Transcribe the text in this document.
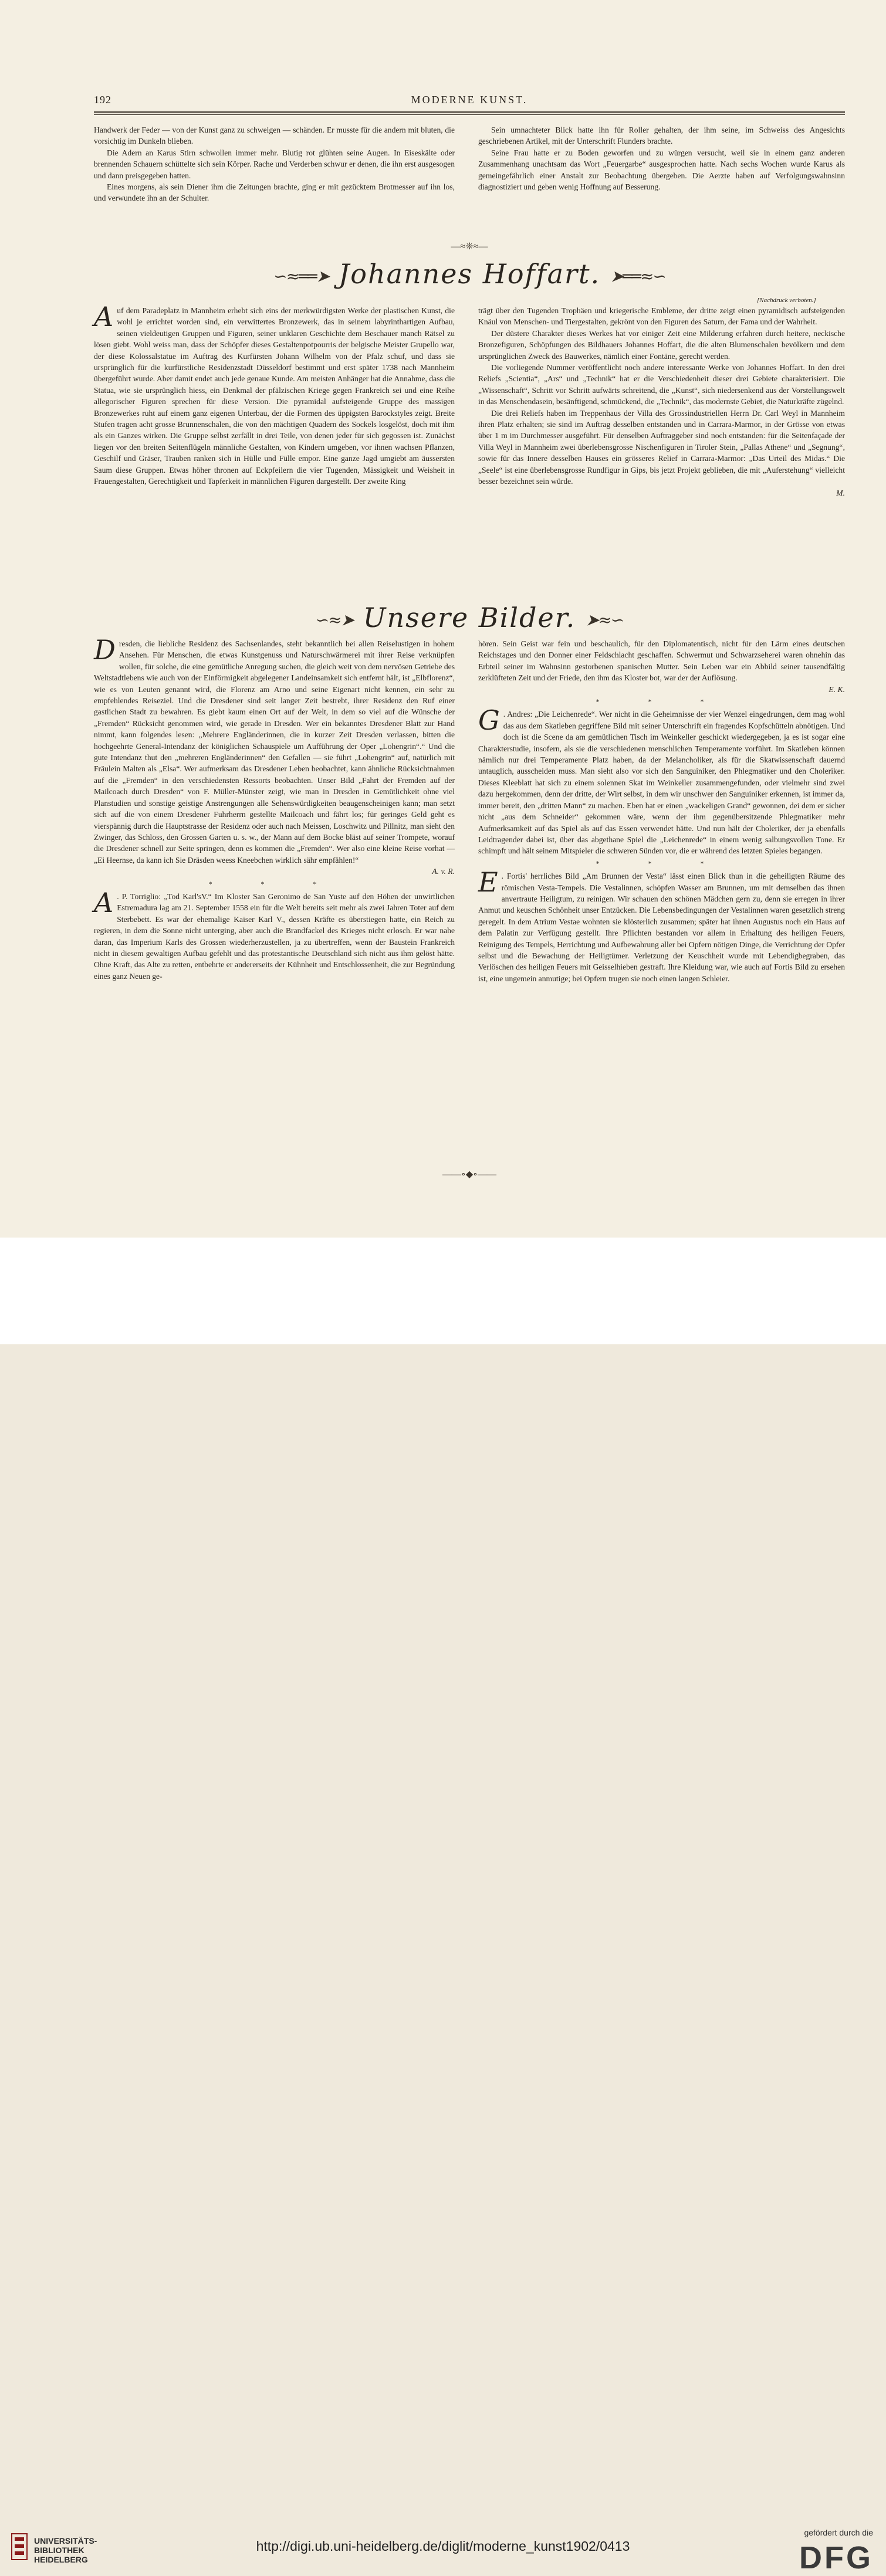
192	MODERNE KUNST.

Handwerk der Feder — von der Kunst ganz zu schweigen — schänden. Er musste für die andern mit bluten, die vorsichtig im Dunkeln blieben.

Die Adern an Karus Stirn schwollen immer mehr. Blutig rot glühten seine Augen. In Eiseskälte oder brennenden Schauern schüttelte sich sein Körper. Rache und Verderben schwur er denen, die ihn erst ausgesogen und dann preisgegeben hatten.

Eines morgens, als sein Diener ihm die Zeitungen brachte, ging er mit gezücktem Brotmesser auf ihn los, und verwundete ihn an der Schulter.

Sein umnachteter Blick hatte ihn für Roller gehalten, der ihm seine, im Schweiss des Angesichts geschriebenen Artikel, mit der Unterschrift Flunders brachte.

Seine Frau hatte er zu Boden geworfen und zu würgen versucht, weil sie in einem ganz anderen Zusammenhang unachtsam das Wort „Feuergarbe“ ausgesprochen hatte. Nach sechs Wochen wurde Karus als gemeingefährlich einer Anstalt zur Beobachtung übergeben. Die Aerzte haben auf Verfolgungswahnsinn diagnostiziert und geben wenig Hoffnung auf Besserung.

—≈❈≈—
∽≈══➤ Johannes Hoffart. ➤══≈∽
[Nachdruck verboten.]

Auf dem Paradeplatz in Mannheim erhebt sich eins der merkwürdigsten Werke der plastischen Kunst, die wohl je errichtet worden sind, ein verwittertes Bronzewerk, das in seinem labyrinthartigen Aufbau, seinen vieldeutigen Gruppen und Figuren, seiner unklaren Geschichte dem Beschauer manch Rätsel zu lösen giebt. Wohl weiss man, dass der Schöpfer dieses Gestaltenpotpourris der belgische Meister Grupello war, der diese Kolossalstatue im Auftrag des Kurfürsten Johann Wilhelm von der Pfalz schuf, und dass sie ursprünglich für die kurfürstliche Residenzstadt Düsseldorf bestimmt und erst später 1738 nach Mannheim übergeführt wurde. Aber damit endet auch jede genaue Kunde. Am meisten Anhänger hat die Annahme, dass die Statua, wie sie ursprünglich hiess, ein Denkmal der pfälzischen Kriege gegen Frankreich sei und eine Reihe allegorischer Figuren sprechen für diese Version. Die pyramidal aufsteigende Gruppe des massigen Bronzewerkes ruht auf einem ganz eigenen Unterbau, der die Formen des üppigsten Barockstyles zeigt. Breite Stufen tragen acht grosse Brunnenschalen, die von den mächtigen Quadern des Sockels losgelöst, doch mit ihm als ein Ganzes wirken. Die Gruppe selbst zerfällt in drei Teile, von denen jeder für sich gegossen ist. Zunächst liegen vor den breiten Seitenflügeln männliche Gestalten, von Kindern umgeben, vor ihnen wachsen Pflanzen, Geschilf und Gräser, Trauben ranken sich in Hülle und Fülle empor. Eine ganze Jagd umgiebt am äussersten Saum diese Gruppen. Etwas höher thronen auf Eckpfeilern die vier Tugenden, Mässigkeit und Weisheit in Frauengestalten, Gerechtigkeit und Tapferkeit in männlichen Figuren dargestellt. Der zweite Ring

trägt über den Tugenden Trophäen und kriegerische Embleme, der dritte zeigt einen pyramidisch aufsteigenden Knäul von Menschen- und Tiergestalten, gekrönt von den Figuren des Saturn, der Fama und der Wahrheit.

Der düstere Charakter dieses Werkes hat vor einiger Zeit eine Milderung erfahren durch heitere, neckische Bronzefiguren, Schöpfungen des Bildhauers Johannes Hoffart, die die alten Blumenschalen bevölkern und dem ursprünglichen Zweck des Bauwerkes, nämlich einer Fontäne, gerecht werden.

Die vorliegende Nummer veröffentlicht noch andere interessante Werke von Johannes Hoffart. In den drei Reliefs „Scientia“, „Ars“ und „Technik“ hat er die Verschiedenheit dieser drei Gebiete charakterisiert. Die „Wissenschaft“, Schritt vor Schritt aufwärts schreitend, die „Kunst“, sich niedersenkend aus der Vorstellungswelt in das Menschendasein, besänftigend, schmückend, die „Technik“, das modernste Gebiet, die Naturkräfte zügelnd.

Die drei Reliefs haben im Treppenhaus der Villa des Grossindustriellen Herrn Dr. Carl Weyl in Mannheim ihren Platz erhalten; sie sind im Auftrag desselben entstanden und in Carrara-Marmor, in der Grösse von etwas über 1 m im Durchmesser ausgeführt. Für denselben Auftraggeber sind noch entstanden: für die Seitenfaçade der Villa Weyl in Mannheim zwei überlebensgrosse Nischenfiguren in Tiroler Stein, „Pallas Athene“ und „Segnung“, sowie für das Innere desselben Hauses ein grösseres Relief in Carrara-Marmor: „Das Urteil des Midas.“ Die „Seele“ ist eine überlebensgrosse Rundfigur in Gips, bis jetzt Projekt geblieben, die mit „Auferstehung“ vielleicht besser bezeichnet sein würde.

M.
∽≈➤ Unsere Bilder. ➤≈∽

Dresden, die liebliche Residenz des Sachsenlandes, steht bekanntlich bei allen Reiselustigen in hohem Ansehen. Für Menschen, die etwas Kunstgenuss und Naturschwärmerei mit ihrer Reise verknüpfen wollen, für solche, die eine gemütliche Anregung suchen, die gleich weit von dem nervösen Getriebe des Weltstadtlebens wie auch von der Einförmigkeit abgelegener Landeinsamkeit sich entfernt hält, ist „Elbflorenz“, wie es von Leuten genannt wird, die Florenz am Arno und seine Eigenart nicht kennen, ein sehr zu empfehlendes Reiseziel. Und die Dresdener sind seit langer Zeit bestrebt, ihrer Residenz den Ruf einer gastlichen Stadt zu bewahren. Es giebt kaum einen Ort auf der Welt, in dem so viel auf die Wünsche der „Fremden“ Rücksicht genommen wird, wie gerade in Dresden. Wer ein bekanntes Dresdener Blatt zur Hand nimmt, kann folgendes lesen: „Mehrere Engländerinnen, die in kurzer Zeit Dresden verlassen, bitten die hochgeehrte General-Intendanz der königlichen Schauspiele um Aufführung der Oper „Lohengrin“.“ Und die gute Intendanz thut den „mehreren Engländerinnen“ den Gefallen — sie führt „Lohengrin“ auf, natürlich mit Fräulein Malten als „Elsa“. Wer aufmerksam das Dresdener Leben beobachtet, kann ähnliche Rücksichtnahmen auf die „Fremden“ in den verschiedensten Ressorts beobachten. Unser Bild „Fahrt der Fremden auf der Mailcoach durch Dresden“ von F. Müller-Münster zeigt, wie man in Dresden in Gemütlichkeit ohne viel Planstudien und sonstige geistige Anstrengungen alle Sehenswürdigkeiten beaugenscheinigen kann; man setzt sich auf die von einem Dresdener Fuhrherrn gestellte Mailcoach und fährt los; für geringes Geld geht es vierspännig durch die Hauptstrasse der Residenz oder auch nach Meissen, Loschwitz und Pillnitz, man sieht den Zwinger, das Schloss, den Grossen Garten u. s. w., der Mann auf dem Bocke bläst auf seiner Trompete, worauf die Dresdener schnell zur Seite springen, denn es kommen die „Fremden“. Wer also eine kleine Reise vorhat — „Ei Heernse, da kann ich Sie Dräsden weess Kneebchen wirklich sähr empfählen!“

A. v. R.
* * *

A . P. Torriglio: „Tod Karl'sV.“ Im Kloster San Geronimo de San Yuste auf den Höhen der unwirtlichen Estremadura lag am 21. September 1558 ein für die Welt bereits seit mehr als zwei Jahren Toter auf dem Sterbebett. Es war der ehemalige Kaiser Karl V., dessen Kräfte es überstiegen hatte, ein Reich zu regieren, in dem die Sonne nicht unterging, aber auch die Brandfackel des Krieges nicht erlosch. Er war nahe daran, das Imperium Karls des Grossen wiederherzustellen, ja zu übertreffen, wenn der Baustein Frankreich nicht in diesem gewaltigen Aufbau gefehlt und das protestantische Deutschland sich nicht aus ihm gelöst hätte. Ohne Kraft, das Alte zu retten, entbehrte er andererseits der Kühnheit und Entschlossenheit, die zur Begründung eines ganz Neuen ge-

hören. Sein Geist war fein und beschaulich, für den Diplomatentisch, nicht für den Lärm eines deutschen Reichstages und den Donner einer Feldschlacht geschaffen. Schwermut und Schwarzseherei waren ohnehin das Erbteil seiner im Wahnsinn gestorbenen spanischen Mutter. Sein Leben war ein Abbild seiner tausendfältig zerklüfteten Zeit und der Friede, den ihm das Kloster bot, war der der Auflösung.

E. K.
* * *

G . Andres: „Die Leichenrede“. Wer nicht in die Geheimnisse der vier Wenzel eingedrungen, dem mag wohl das aus dem Skatleben gegriffene Bild mit seiner Unterschrift ein fragendes Kopfschütteln abnötigen. Und doch ist die Scene da am gemütlichen Tisch im Weinkeller geschickt wiedergegeben, ja es ist sogar eine Charakterstudie, insofern, als sie die verschiedenen menschlichen Temperamente vorführt. Im Skatleben können nämlich nur drei Temperamente Platz haben, da der Melancholiker, als für die Skatwissenschaft dauernd untauglich, ausscheiden muss. Man sieht also vor sich den Sanguiniker, den Phlegmatiker und den Choleriker. Dieses Kleeblatt hat sich zu einem solennen Skat im Weinkeller zusammengefunden, oder vielmehr sind zwei dazu hergekommen, denn der dritte, der Wirt selbst, in dem wir unschwer den Sanguiniker erkennen, ist immer da, immer bereit, den „dritten Mann“ zu machen. Eben hat er einen „wackeligen Grand“ gewonnen, dei dem er sicher nicht „aus dem Schneider“ gekommen wäre, wenn der ihm gegenübersitzende Phlegmatiker mehr Aufmerksamkeit auf das Spiel als auf das Essen verwendet hätte. Und nun hält der Choleriker, der ja ebenfalls Leidtragender dabei ist, über das abgethane Spiel die „Leichenrede“ in einem wenig salbungsvollen Tone. Er schimpft und hält seinem Mitspieler die schweren Sünden vor, die er während des letzten Spieles begangen.

* * *

E . Fortis' herrliches Bild „Am Brunnen der Vesta“ lässt einen Blick thun in die geheiligten Räume des römischen Vesta-Tempels. Die Vestalinnen, schöpfen Wasser am Brunnen, um mit demselben das ihnen anvertraute Heiligtum, zu reinigen. Wir schauen den schönen Mädchen gern zu, denn sie erregen in ihrer Anmut und keuschen Schönheit unser Entzücken. Die Lebensbedingungen der Vestalinnen waren gesetzlich streng geregelt. In dem Atrium Vestae wohnten sie klösterlich zusammen; später hat ihnen Augustus noch ein Haus auf dem Palatin zur Verfügung gestellt. Ihre Pflichten bestanden vor allem in Erhaltung des heiligen Feuers, Reinigung des Tempels, Herrichtung und Aufbewahrung aller bei Opfern nötigen Dinge, die Verrichtung der Opfer selbst und die Bewachung der Heiligtümer. Verletzung der Keuschheit wurde mit Lebendigbegraben, das Verlöschen des heiligen Feuers mit Geisselhieben gestraft. Ihre Kleidung war, wie auch auf Fortis Bild zu ersehen ist, eine ungemein anmutige; bei Opfern trugen sie noch einen langen Schleier.

——∘◆∘——
UNIVERSITÄTS-
BIBLIOTHEK
HEIDELBERG
http://digi.ub.uni-heidelberg.de/diglit/moderne_kunst1902/0413
gefördert durch die
DFG
